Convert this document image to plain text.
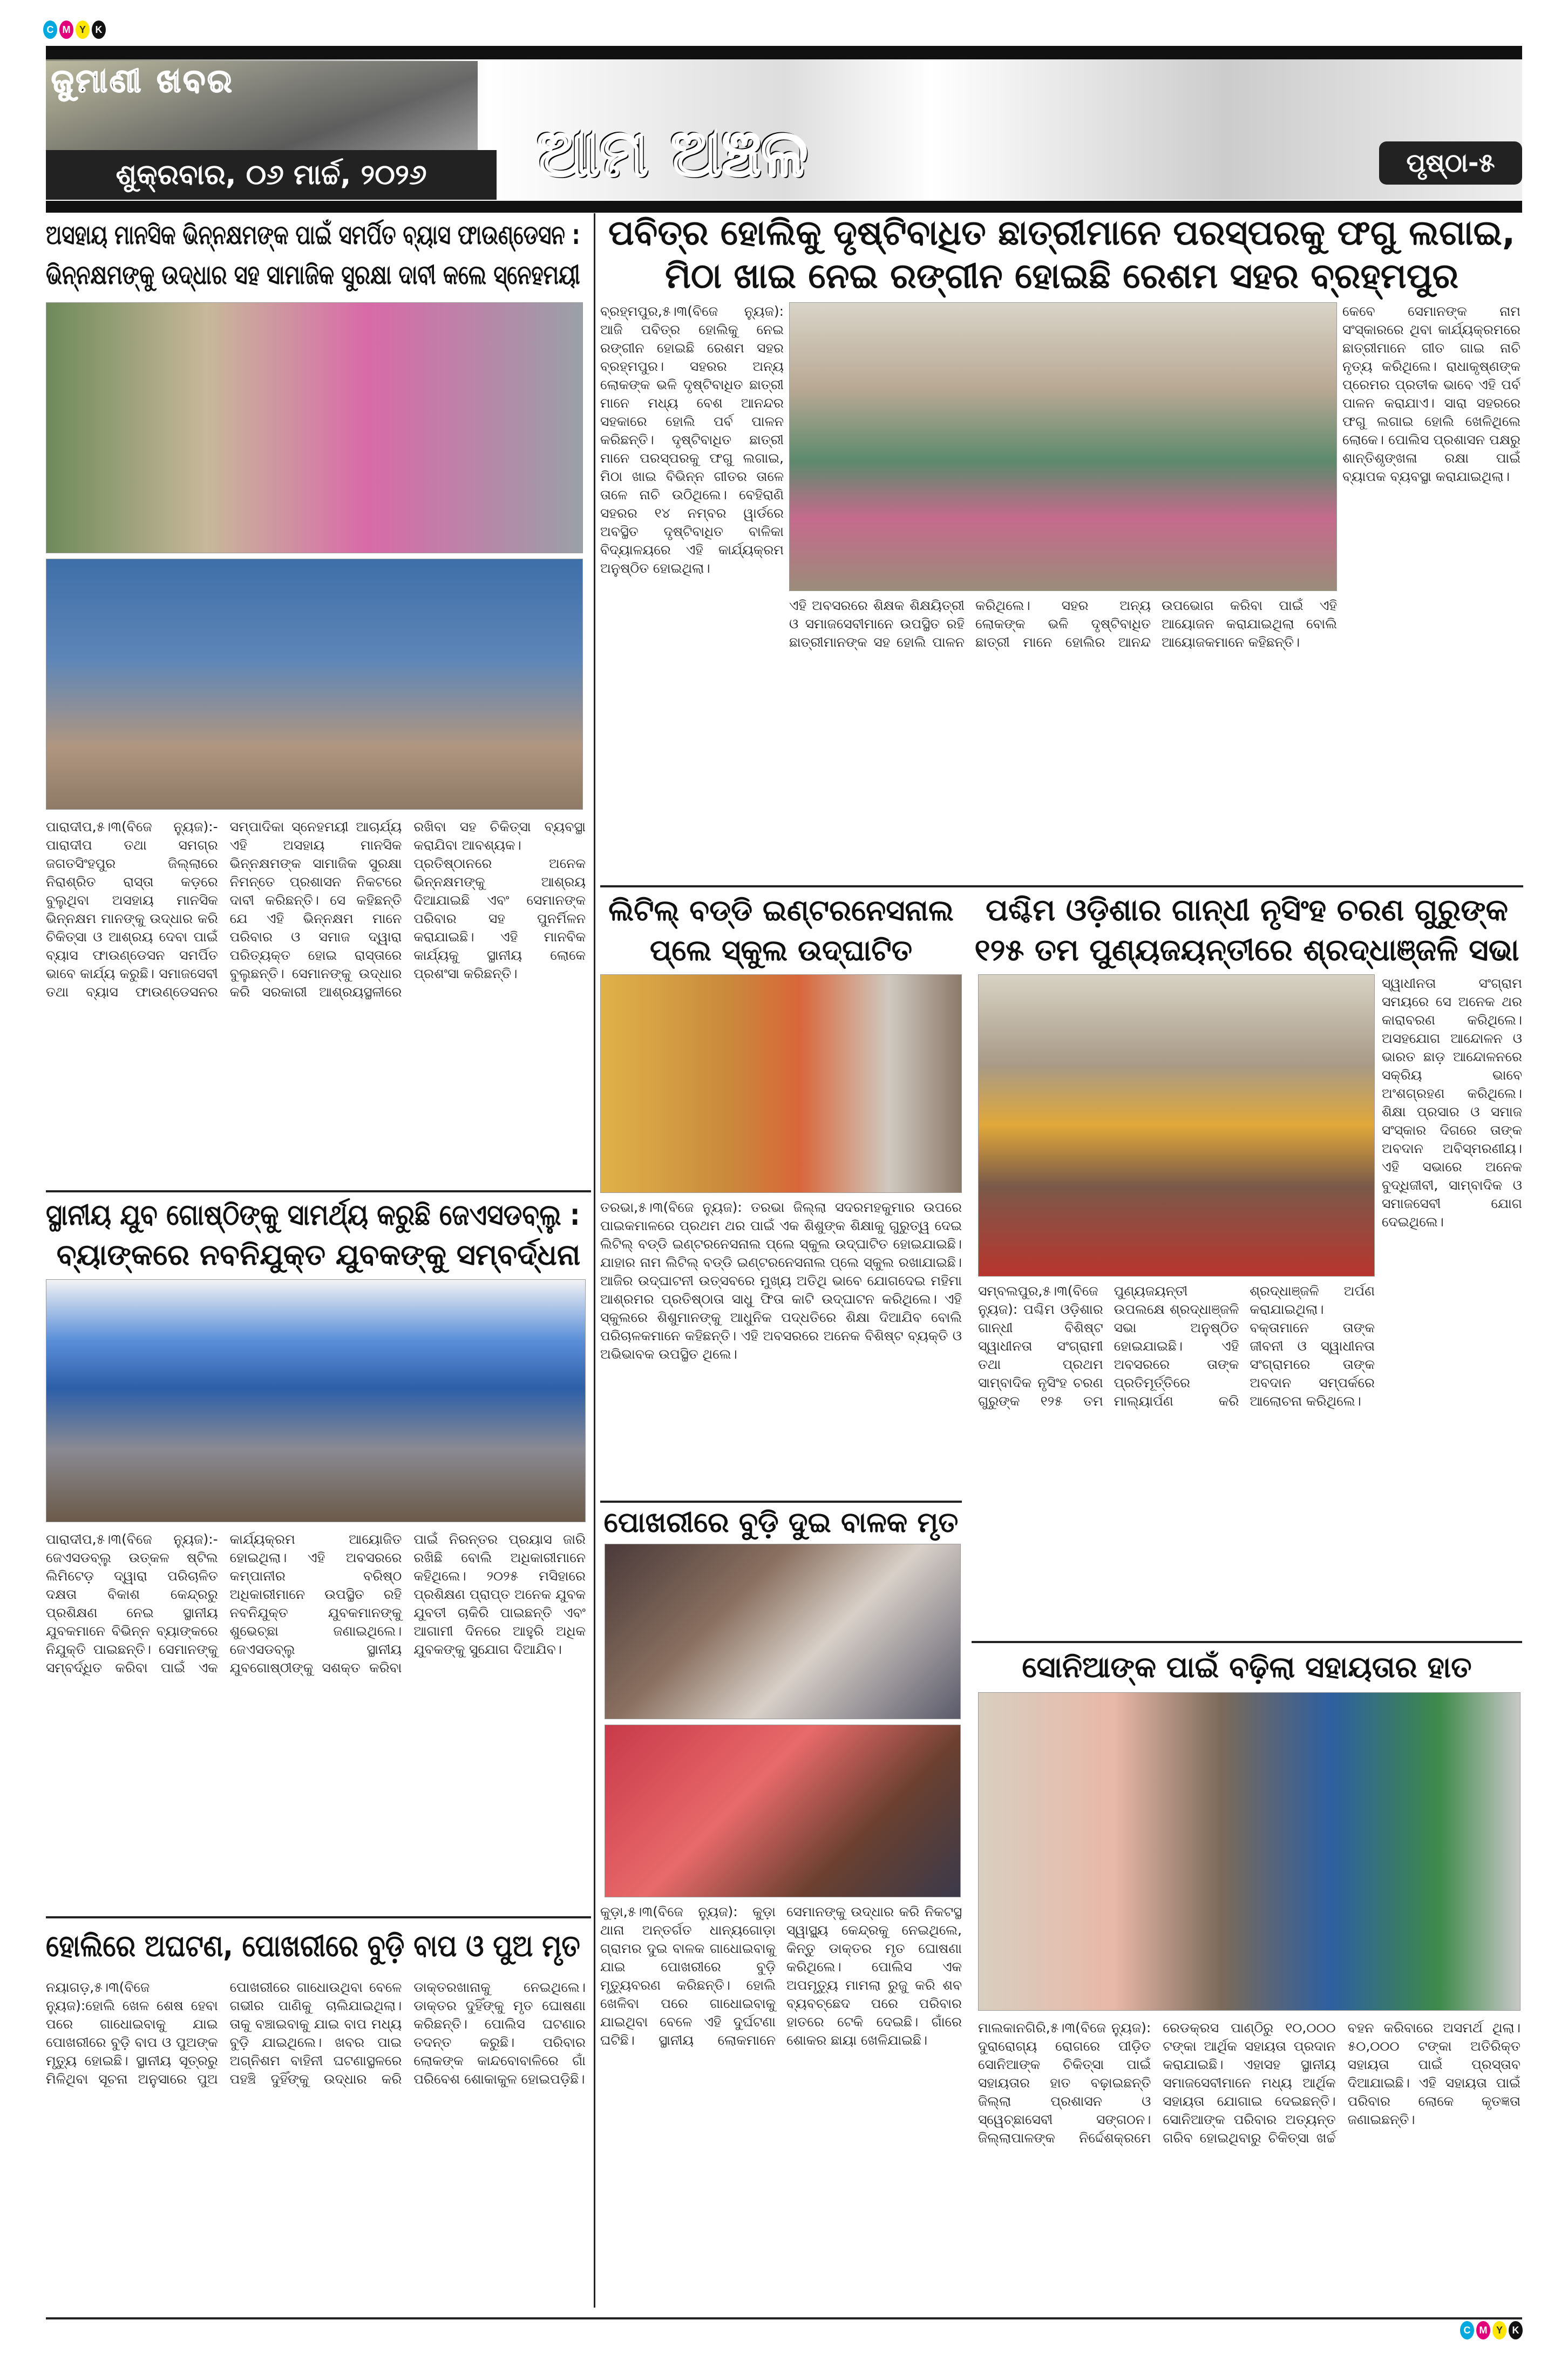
C M Y K
ଜୁମାଣୀ ଖବର
ଶୁକ୍ରବାର, ୦୬ ମାର୍ଚ୍ଚ, ୨୦୨୬	ଆମ ଅଞ୍ଚଳ	ପୃଷ୍ଠା-୫
ଅସହାୟ ମାନସିକ ଭିନ୍ନକ୍ଷମଙ୍କ ପାଇଁ ସମର୍ପିତ ବ୍ୟାସ ଫାଉଣ୍ଡେସନ :
ଭିନ୍ନକ୍ଷମଙ୍କୁ ଉଦ୍ଧାର ସହ ସାମାଜିକ ସୁରକ୍ଷା ଦାବୀ କଲେ ସ୍ନେହମୟୀ

ପାରାଦୀପ,୫।୩(ବିଜେ ନ୍ୟୁଜ):- ପାରାଦୀପ ତଥା ସମଗ୍ର ଜଗତସିଂହପୁର ଜିଲ୍ଲାରେ ନିରାଶ୍ରିତ ରାସ୍ତା କଡ଼ରେ ବୁଲୁଥିବା ଅସହାୟ ମାନସିକ ଭିନ୍ନକ୍ଷମ ମାନଙ୍କୁ ଉଦ୍ଧାର କରି ଚିକିତ୍ସା ଓ ଆଶ୍ରୟ ଦେବା ପାଇଁ ବ୍ୟାସ ଫାଉଣ୍ଡେସନ ସମର୍ପିତ ଭାବେ କାର୍ଯ୍ୟ କରୁଛି। ସମାଜସେବୀ ତଥା ବ୍ୟାସ ଫାଉଣ୍ଡେସନର ସମ୍ପାଦିକା ସ୍ନେହମୟୀ ଆଚାର୍ଯ୍ୟ ଏହି ଅସହାୟ ମାନସିକ ଭିନ୍ନକ୍ଷମଙ୍କ ସାମାଜିକ ସୁରକ୍ଷା ନିମନ୍ତେ ପ୍ରଶାସନ ନିକଟରେ ଦାବୀ କରିଛନ୍ତି। ସେ କହିଛନ୍ତି ଯେ ଏହି ଭିନ୍ନକ୍ଷମ ମାନେ ପରିବାର ଓ ସମାଜ ଦ୍ୱାରା ପରିତ୍ୟକ୍ତ ହୋଇ ରାସ୍ତାରେ ବୁଲୁଛନ୍ତି। ସେମାନଙ୍କୁ ଉଦ୍ଧାର କରି ସରକାରୀ ଆଶ୍ରୟସ୍ଥଳୀରେ ରଖିବା ସହ ଚିକିତ୍ସା ବ୍ୟବସ୍ଥା କରାଯିବା ଆବଶ୍ୟକ।

ପ୍ରତିଷ୍ଠାନରେ ଅନେକ ଭିନ୍ନକ୍ଷମଙ୍କୁ ଆଶ୍ରୟ ଦିଆଯାଇଛି ଏବଂ ସେମାନଙ୍କ ପରିବାର ସହ ପୁନର୍ମିଳନ କରାଯାଇଛି। ଏହି ମାନବିକ କାର୍ଯ୍ୟକୁ ସ୍ଥାନୀୟ ଲୋକେ ପ୍ରଶଂସା କରିଛନ୍ତି।

ପବିତ୍ର ହୋଲିକୁ ଦୃଷ୍ଟିବାଧିତ ଛାତ୍ରୀମାନେ ପରସ୍ପରକୁ ଫଗୁ ଲଗାଇ,
ମିଠା ଖାଇ ନେଇ ରଙ୍ଗୀନ ହୋଇଛି ରେଶମ ସହର ବ୍ରହ୍ମପୁର

ବ୍ରହ୍ମପୁର,୫।୩(ବିଜେ ନ୍ୟୁଜ): ଆଜି ପବିତ୍ର ହୋଲିକୁ ନେଇ ରଙ୍ଗୀନ ହୋଇଛି ରେଶମ ସହର ବ୍ରହ୍ମପୁର। ସହରର ଅନ୍ୟ ଲୋକଙ୍କ ଭଳି ଦୃଷ୍ଟିବାଧିତ ଛାତ୍ରୀ ମାନେ ମଧ୍ୟ ବେଶ ଆନନ୍ଦର ସହକାରେ ହୋଲି ପର୍ବ ପାଳନ କରିଛନ୍ତି। ଦୃଷ୍ଟିବାଧିତ ଛାତ୍ରୀ ମାନେ ପରସ୍ପରକୁ ଫଗୁ ଲଗାଇ, ମିଠା ଖାଇ ବିଭିନ୍ନ ଗୀତର ତାଳେ ତାଳେ ନାଚି ଉଠିଥିଲେ। ବେହିରାଣି ସହରର ୧୪ ନମ୍ବର ୱାର୍ଡରେ ଅବସ୍ଥିତ ଦୃଷ୍ଟିବାଧିତ ବାଳିକା ବିଦ୍ୟାଳୟରେ ଏହି କାର୍ଯ୍ୟକ୍ରମ ଅନୁଷ୍ଠିତ ହୋଇଥିଲା।

ଏହି ଅବସରରେ ଶିକ୍ଷକ ଶିକ୍ଷୟିତ୍ରୀ ଓ ସମାଜସେବୀମାନେ ଉପସ୍ଥିତ ରହି ଛାତ୍ରୀମାନଙ୍କ ସହ ହୋଲି ପାଳନ କରିଥିଲେ। ସହର ଅନ୍ୟ ଲୋକଙ୍କ ଭଳି ଦୃଷ୍ଟିବାଧିତ ଛାତ୍ରୀ ମାନେ ହୋଲିର ଆନନ୍ଦ ଉପଭୋଗ କରିବା ପାଇଁ ଏହି ଆୟୋଜନ କରାଯାଇଥିଲା ବୋଲି ଆୟୋଜକମାନେ କହିଛନ୍ତି।

କେବେ ସେମାନଙ୍କ ନାମ ସଂସ୍କାରରେ ଥିବା କାର୍ଯ୍ୟକ୍ରମରେ ଛାତ୍ରୀମାନେ ଗୀତ ଗାଇ ନାଚି ନୃତ୍ୟ କରିଥିଲେ। ରାଧାକୃଷ୍ଣଙ୍କ ପ୍ରେମର ପ୍ରତୀକ ଭାବେ ଏହି ପର୍ବ ପାଳନ କରାଯାଏ। ସାରା ସହରରେ ଫଗୁ ଲଗାଇ ହୋଲି ଖେଳିଥିଲେ ଲୋକେ। ପୋଲିସ ପ୍ରଶାସନ ପକ୍ଷରୁ ଶାନ୍ତିଶୃଙ୍ଖଳା ରକ୍ଷା ପାଇଁ ବ୍ୟାପକ ବ୍ୟବସ୍ଥା କରାଯାଇଥିଲା।

ଲିଟିଲ୍ ବଡ୍ଡି ଇଣ୍ଟରନେସନାଲ
ପ୍ଲେ ସ୍କୁଲ ଉଦ୍‌ଘାଟିତ

ତରଭା,୫।୩(ବିଜେ ନ୍ୟୁଜ): ତରଭା ଜିଲ୍ଲା ସଦରମହକୁମାର ଉପରେ ପାଇକମାଳରେ ପ୍ରଥମ ଥର ପାଇଁ ଏକ ଶିଶୁଙ୍କ ଶିକ୍ଷାକୁ ଗୁରୁତ୍ୱ ଦେଇ ଲିଟିଲ୍ ବଡ୍ଡି ଇଣ୍ଟରନେସନାଲ ପ୍ଲେ ସ୍କୁଲ ଉଦ୍‌ଘାଟିତ ହୋଇଯାଇଛି। ଯାହାର ନାମ ଲିଟିଲ୍ ବଡ୍ଡି ଇଣ୍ଟରନେସନାଲ ପ୍ଲେ ସ୍କୁଲ ରଖାଯାଇଛି। ଆଜିର ଉଦ୍‌ଘାଟନୀ ଉତ୍ସବରେ ମୁଖ୍ୟ ଅତିଥି ଭାବେ ଯୋଗଦେଇ ମହିମା ଆଶ୍ରମର ପ୍ରତିଷ୍ଠାତା ସାଧୁ ଫିତା କାଟି ଉଦ୍‌ଘାଟନ କରିଥିଲେ। ଏହି ସ୍କୁଲରେ ଶିଶୁମାନଙ୍କୁ ଆଧୁନିକ ପଦ୍ଧତିରେ ଶିକ୍ଷା ଦିଆଯିବ ବୋଲି ପରିଚାଳକମାନେ କହିଛନ୍ତି। ଏହି ଅବସରରେ ଅନେକ ବିଶିଷ୍ଟ ବ୍ୟକ୍ତି ଓ ଅଭିଭାବକ ଉପସ୍ଥିତ ଥିଲେ।

ପଶ୍ଚିମ ଓଡ଼ିଶାର ଗାନ୍ଧୀ ନୃସିଂହ ଚରଣ ଗୁରୁଙ୍କ
୧୨୫ ତମ ପୁଣ୍ୟଜୟନ୍ତୀରେ ଶ୍ରଦ୍ଧାଞ୍ଜଳି ସଭା

ସମ୍ବଲପୁର,୫।୩(ବିଜେ ନ୍ୟୁଜ): ପଶ୍ଚିମ ଓଡ଼ିଶାର ଗାନ୍ଧୀ ବିଶିଷ୍ଟ ସ୍ୱାଧୀନତା ସଂଗ୍ରାମୀ ତଥା ପ୍ରଥମ ସାମ୍ବାଦିକ ନୃସିଂହ ଚରଣ ଗୁରୁଙ୍କ ୧୨୫ ତମ ପୁଣ୍ୟଜୟନ୍ତୀ ଉପଲକ୍ଷେ ଶ୍ରଦ୍ଧାଞ୍ଜଳି ସଭା ଅନୁଷ୍ଠିତ ହୋଇଯାଇଛି। ଏହି ଅବସରରେ ତାଙ୍କ ପ୍ରତିମୂର୍ତ୍ତିରେ ମାଲ୍ୟାର୍ପଣ କରି ଶ୍ରଦ୍ଧାଞ୍ଜଳି ଅର୍ପଣ କରାଯାଇଥିଲା। ବକ୍ତାମାନେ ତାଙ୍କ ଜୀବନୀ ଓ ସ୍ୱାଧୀନତା ସଂଗ୍ରାମରେ ତାଙ୍କ ଅବଦାନ ସମ୍ପର୍କରେ ଆଲୋଚନା କରିଥିଲେ।

ସ୍ୱାଧୀନତା ସଂଗ୍ରାମ ସମୟରେ ସେ ଅନେକ ଥର କାରାବରଣ କରିଥିଲେ। ଅସହଯୋଗ ଆନ୍ଦୋଳନ ଓ ଭାରତ ଛାଡ଼ ଆନ୍ଦୋଳନରେ ସକ୍ରିୟ ଭାବେ ଅଂଶଗ୍ରହଣ କରିଥିଲେ। ଶିକ୍ଷା ପ୍ରସାର ଓ ସମାଜ ସଂସ୍କାର ଦିଗରେ ତାଙ୍କ ଅବଦାନ ଅବିସ୍ମରଣୀୟ। ଏହି ସଭାରେ ଅନେକ ବୁଦ୍ଧିଜୀବୀ, ସାମ୍ବାଦିକ ଓ ସମାଜସେବୀ ଯୋଗ ଦେଇଥିଲେ।

ସ୍ଥାନୀୟ ଯୁବ ଗୋଷ୍ଠିଙ୍କୁ ସାମର୍ଥ୍ୟ କରୁଛି ଜେଏସଡବ୍ଲୁ :
ବ୍ୟାଙ୍କରେ ନବନିଯୁକ୍ତ ଯୁବକଙ୍କୁ ସମ୍ବର୍ଦ୍ଧନା

ପାରାଦୀପ,୫।୩(ବିଜେ ନ୍ୟୁଜ):- ଜେଏସଡବ୍ଲୁ ଉତ୍କଳ ଷ୍ଟିଲ ଲିମିଟେଡ଼ ଦ୍ୱାରା ପରିଚାଳିତ ଦକ୍ଷତା ବିକାଶ କେନ୍ଦ୍ରରୁ ପ୍ରଶିକ୍ଷଣ ନେଇ ସ୍ଥାନୀୟ ଯୁବକମାନେ ବିଭିନ୍ନ ବ୍ୟାଙ୍କରେ ନିଯୁକ୍ତି ପାଇଛନ୍ତି। ସେମାନଙ୍କୁ ସମ୍ବର୍ଦ୍ଧିତ କରିବା ପାଇଁ ଏକ କାର୍ଯ୍ୟକ୍ରମ ଆୟୋଜିତ ହୋଇଥିଲା। ଏହି ଅବସରରେ କମ୍ପାନୀର ବରିଷ୍ଠ ଅଧିକାରୀମାନେ ଉପସ୍ଥିତ ରହି ନବନିଯୁକ୍ତ ଯୁବକମାନଙ୍କୁ ଶୁଭେଚ୍ଛା ଜଣାଇଥିଲେ। ଜେଏସଡବ୍ଲୁ ସ୍ଥାନୀୟ ଯୁବଗୋଷ୍ଠୀଙ୍କୁ ସଶକ୍ତ କରିବା ପାଇଁ ନିରନ୍ତର ପ୍ରୟାସ ଜାରି ରଖିଛି ବୋଲି ଅଧିକାରୀମାନେ କହିଥିଲେ। ୨୦୨୫ ମସିହାରେ ପ୍ରଶିକ୍ଷଣ ପ୍ରାପ୍ତ ଅନେକ ଯୁବକ ଯୁବତୀ ଚାକିରି ପାଇଛନ୍ତି ଏବଂ ଆଗାମୀ ଦିନରେ ଆହୁରି ଅଧିକ ଯୁବକଙ୍କୁ ସୁଯୋଗ ଦିଆଯିବ।

ପୋଖରୀରେ ବୁଡ଼ି ଦୁଇ ବାଳକ ମୃତ

କୁଡ଼ା,୫।୩(ବିଜେ ନ୍ୟୁଜ): କୁଡ଼ା ଥାନା ଅନ୍ତର୍ଗତ ଧାନ୍ୟଗୋଡ଼ା ଗ୍ରାମର ଦୁଇ ବାଳକ ଗାଧୋଇବାକୁ ଯାଇ ପୋଖରୀରେ ବୁଡ଼ି ମୃତ୍ୟୁବରଣ କରିଛନ୍ତି। ହୋଲି ଖେଳିବା ପରେ ଗାଧୋଇବାକୁ ଯାଇଥିବା ବେଳେ ଏହି ଦୁର୍ଘଟଣା ଘଟିଛି। ସ୍ଥାନୀୟ ଲୋକମାନେ ସେମାନଙ୍କୁ ଉଦ୍ଧାର କରି ନିକଟସ୍ଥ ସ୍ୱାସ୍ଥ୍ୟ କେନ୍ଦ୍ରକୁ ନେଇଥିଲେ, କିନ୍ତୁ ଡାକ୍ତର ମୃତ ଘୋଷଣା କରିଥିଲେ। ପୋଲିସ ଏକ ଅପମୃତ୍ୟୁ ମାମଲା ରୁଜୁ କରି ଶବ ବ୍ୟବଚ୍ଛେଦ ପରେ ପରିବାର ହାତରେ ଟେକି ଦେଇଛି। ଗାଁରେ ଶୋକର ଛାୟା ଖେଳିଯାଇଛି।

ସୋନିଆଙ୍କ ପାଇଁ ବଢ଼ିଲା ସହାୟତାର ହାତ

ମାଲକାନଗିରି,୫।୩(ବିଜେ ନ୍ୟୁଜ): ଦୁରାରୋଗ୍ୟ ରୋଗରେ ପୀଡ଼ିତ ସୋନିଆଙ୍କ ଚିକିତ୍ସା ପାଇଁ ସହାୟତାର ହାତ ବଢ଼ାଇଛନ୍ତି ଜିଲ୍ଲା ପ୍ରଶାସନ ଓ ସ୍ୱେଚ୍ଛାସେବୀ ସଙ୍ଗଠନ। ଜିଲ୍ଲାପାଳଙ୍କ ନିର୍ଦ୍ଦେଶକ୍ରମେ ରେଡକ୍ରସ ପାଣ୍ଠିରୁ ୧୦,୦୦୦ ଟଙ୍କା ଆର୍ଥିକ ସହାୟତା ପ୍ରଦାନ କରାଯାଇଛି। ଏହାସହ ସ୍ଥାନୀୟ ସମାଜସେବୀମାନେ ମଧ୍ୟ ଆର୍ଥିକ ସହାୟତା ଯୋଗାଇ ଦେଇଛନ୍ତି। ସୋନିଆଙ୍କ ପରିବାର ଅତ୍ୟନ୍ତ ଗରିବ ହୋଇଥିବାରୁ ଚିକିତ୍ସା ଖର୍ଚ୍ଚ ବହନ କରିବାରେ ଅସମର୍ଥ ଥିଲା। ୫୦,୦୦୦ ଟଙ୍କା ଅତିରିକ୍ତ ସହାୟତା ପାଇଁ ପ୍ରସ୍ତାବ ଦିଆଯାଇଛି। ଏହି ସହାୟତା ପାଇଁ ପରିବାର ଲୋକେ କୃତଜ୍ଞତା ଜଣାଇଛନ୍ତି।

ହୋଲିରେ ଅଘଟଣ, ପୋଖରୀରେ ବୁଡ଼ି ବାପ ଓ ପୁଅ ମୃତ

ନୟାଗଡ଼,୫।୩(ବିଜେ ନ୍ୟୁଜ):ହୋଲି ଖେଳ ଶେଷ ହେବା ପରେ ଗାଧୋଇବାକୁ ଯାଇ ପୋଖରୀରେ ବୁଡ଼ି ବାପ ଓ ପୁଅଙ୍କ ମୃତ୍ୟୁ ହୋଇଛି। ସ୍ଥାନୀୟ ସୂତ୍ରରୁ ମିଳିଥିବା ସୂଚନା ଅନୁସାରେ ପୁଅ ପୋଖରୀରେ ଗାଧୋଉଥିବା ବେଳେ ଗଭୀର ପାଣିକୁ ଚାଲିଯାଇଥିଲା। ତାକୁ ବଞ୍ଚାଇବାକୁ ଯାଇ ବାପ ମଧ୍ୟ ବୁଡ଼ି ଯାଇଥିଲେ। ଖବର ପାଇ ଅଗ୍ନିଶମ ବାହିନୀ ଘଟଣାସ୍ଥଳରେ ପହଞ୍ଚି ଦୁହିଁଙ୍କୁ ଉଦ୍ଧାର କରି ଡାକ୍ତରଖାନାକୁ ନେଇଥିଲେ। ଡାକ୍ତର ଦୁହିଁଙ୍କୁ ମୃତ ଘୋଷଣା କରିଛନ୍ତି। ପୋଲିସ ଘଟଣାର ତଦନ୍ତ କରୁଛି। ପରିବାର ଲୋକଙ୍କ କାନ୍ଦବୋବାଳିରେ ଗାଁ ପରିବେଶ ଶୋକାକୁଳ ହୋଇପଡ଼ିଛି।

C M Y K
